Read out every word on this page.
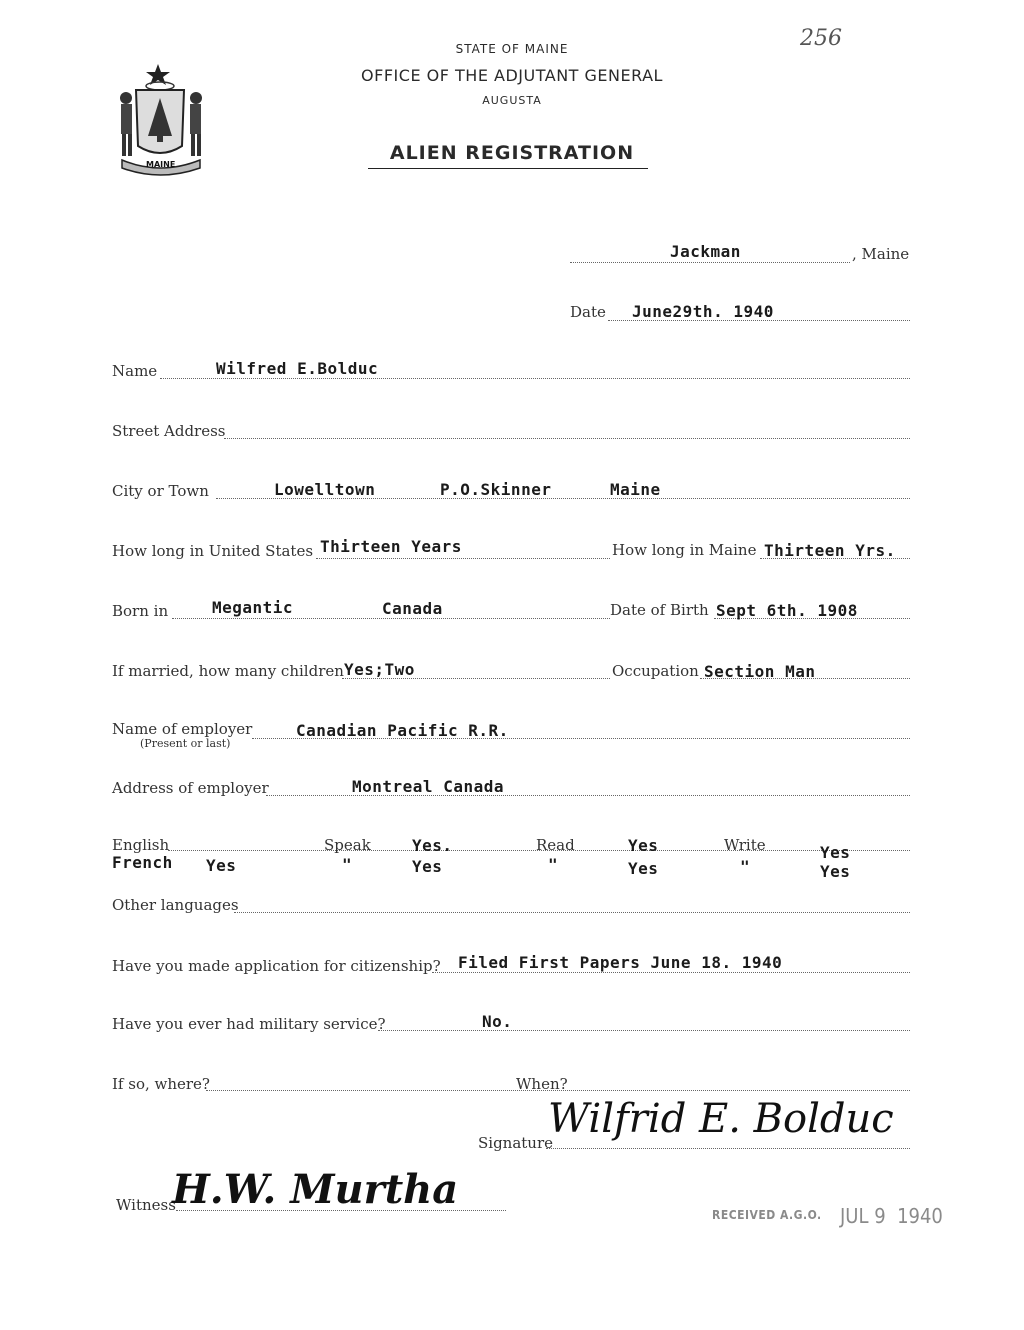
MAINE
256
STATE OF MAINE
OFFICE OF THE ADJUTANT GENERAL
AUGUSTA
ALIEN REGISTRATION
Jackman	, Maine
Date June29th. 1940
Name	Wilfred E.Bolduc
Street Address
City or Town	Lowelltown	P.O.Skinner	Maine
How long in United States Thirteen Years	How long in Maine Thirteen Yrs.
Born in	Megantic	Canada	Date of Birth Sept 6th. 1908
If married, how many children Yes;Two	Occupation Section Man
Name of employer
(Present or last)
Canadian Pacific R.R.
Address of employer	Montreal Canada
English	Speak	Yes.	Read	Yes	Write	Yes
French Yes	"	Yes	"	Yes	"	Yes
Other languages
Have you made application for citizenship? Filed First Papers June 18. 1940
Have you ever had military service?	No.
If so, where?	When?
Signature
Wilfrid E. Bolduc
Witness
H.W. Murtha
RECEIVED A.G.O. JUL 9  1940
